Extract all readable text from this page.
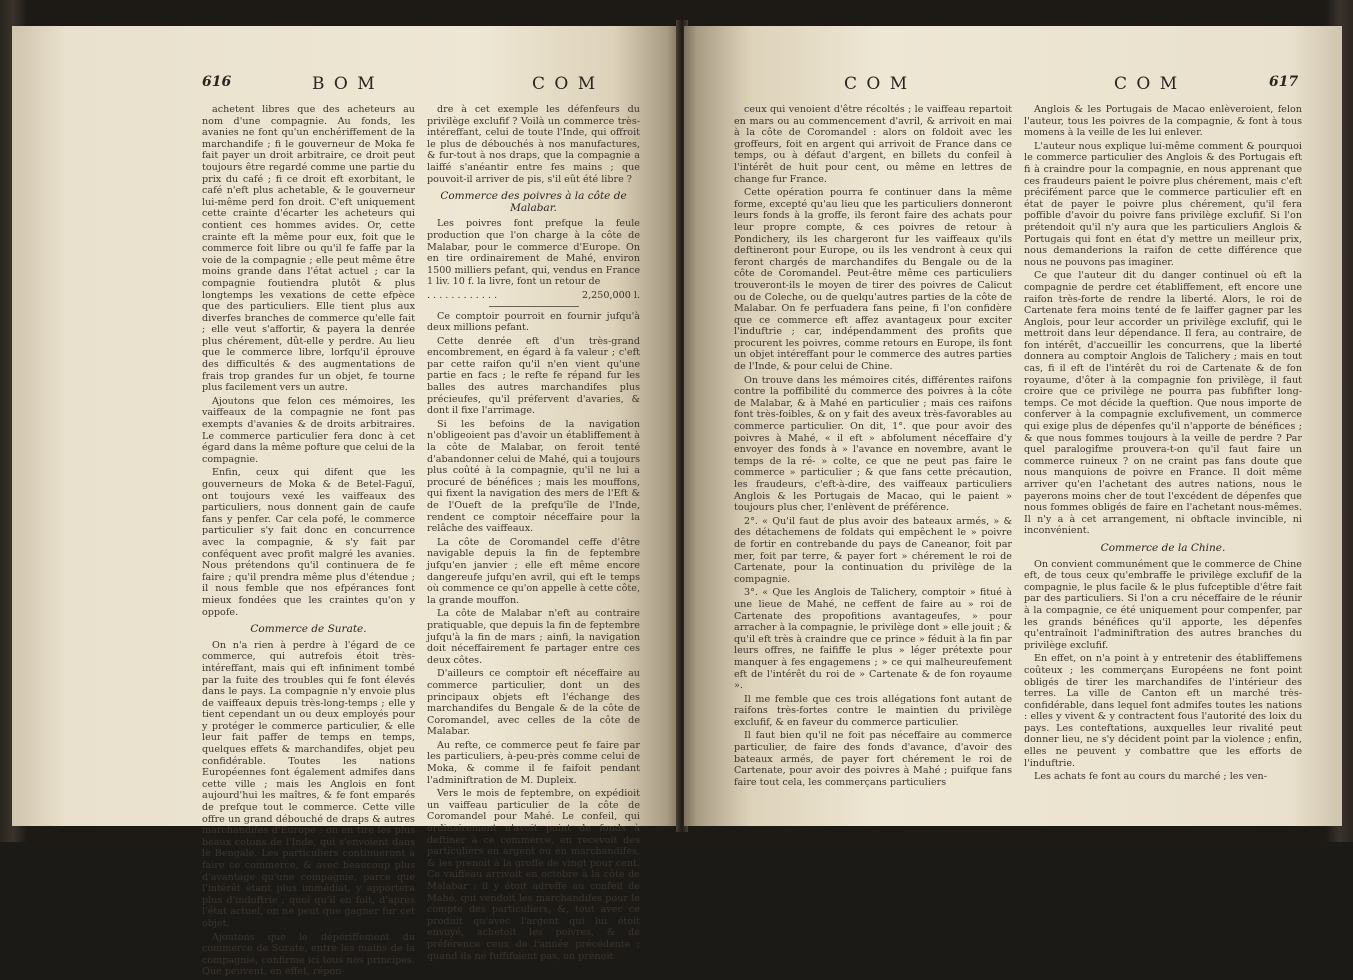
616	B O M	C O M

achetent libres que des acheteurs au nom d'une compagnie. Au fonds, les avanies ne font qu'un enchériffement de la marchandife ; fi le gouverneur de Moka fe fait payer un droit arbitraire, ce droit peut toujours être regardé comme une partie du prix du café ; fi ce droit eft exorbitant, le café n'eft plus achetable, & le gouverneur lui-même perd fon droit. C'eft uniquement cette crainte d'écarter les acheteurs qui contient ces hommes avides. Or, cette crainte eft la même pour eux, foit que le commerce foit libre ou qu'il fe faffe par la voie de la compagnie ; elle peut même être moins grande dans l'état actuel ; car la compagnie foutiendra plutôt & plus longtemps les vexations de cette efpèce que des particuliers. Elle tient plus aux diverfes branches de commerce qu'elle fait ; elle veut s'affortir, & payera la denrée plus chérement, dût-elle y perdre. Au lieu que le commerce libre, lorfqu'il éprouve des difficultés & des augmentations de frais trop grandes fur un objet, fe tourne plus facilement vers un autre.

Ajoutons que felon ces mémoires, les vaiffeaux de la compagnie ne font pas exempts d'avanies & de droits arbitraires. Le commerce particulier fera donc à cet égard dans la même pofture que celui de la compagnie.

Enfin, ceux qui difent que les gouverneurs de Moka & de Betel-Faguï, ont toujours vexé les vaiffeaux des particuliers, nous donnent gain de caufe fans y penfer. Car cela pofé, le commerce particulier s'y fait donc en concurrence avec la compagnie, & s'y fait par conféquent avec profit malgré les avanies. Nous prétendons qu'il continuera de fe faire ; qu'il prendra même plus d'étendue ; il nous femble que nos efpérances font mieux fondées que les craintes qu'on y oppofe.

Commerce de Surate.

On n'a rien à perdre à l'égard de ce commerce, qui autrefois étoit très-intéreffant, mais qui eft infiniment tombé par la fuite des troubles qui fe font élevés dans le pays. La compagnie n'y envoie plus de vaiffeaux depuis très-long-temps ; elle y tient cependant un ou deux employés pour y protéger le commerce particulier, & elle leur fait paffer de temps en temps, quelques effets & marchandifes, objet peu confidérable. Toutes les nations Européennes font également admifes dans cette ville ; mais les Anglois en font aujourd'hui les maîtres, & fe font emparés de prefque tout le commerce. Cette ville offre un grand débouché de draps & autres marchandifes d'Europe : on en tire les plus beaux cotons de l'Inde, qui s'envoient dans le Bengale. Les particuliers continueront à faire ce commerce, & avec beaucoup plus d'avantage qu'une compagnie, parce que l'intérêt étant plus immédiat, y apportera plus d'induftrie ; quoi qu'il en foit, d'après l'état actuel, on ne peut que gagner fur cet objet.

Ajoutons que le dépériffement du commerce de Surate, entre les mains de la compagnie, confirme ici tous nos principes. Que peuvent, en effet, répon-

dre à cet exemple les défenfeurs du privilège exclufif ? Voilà un commerce très-intéreffant, celui de toute l'Inde, qui offroit le plus de débouchés à nos manufactures, & fur-tout à nos draps, que la compagnie a laiffé s'anéantir entre fes mains ; que pouvoit-il arriver de pis, s'il eût été libre ?

Commerce des poivres à la côte de Malabar.

Les poivres font prefque la feule production que l'on charge à la côte de Malabar, pour le commerce d'Europe. On en tire ordinairement de Mahé, environ 1500 milliers pefant, qui, vendus en France 1 liv. 10 f. la livre, font un retour de

. . . . . . . . . . . .	2,250,000 l.

Ce comptoir pourroit en fournir jufqu'à deux millions pefant.

Cette denrée eft d'un très-grand encombrement, en égard à fa valeur ; c'eft par cette raifon qu'il n'en vient qu'une partie en facs ; le refte fe répand fur les balles des autres marchandifes plus précieufes, qu'il préfervent d'avaries, & dont il fixe l'arrimage.

Si les befoins de la navigation n'obligeoient pas d'avoir un établiffement à la côte de Malabar, on feroit tenté d'abandonner celui de Mahé, qui a toujours plus coûté à la compagnie, qu'il ne lui a procuré de bénéfices ; mais les mouffons, qui fixent la navigation des mers de l'Eft & de l'Oueft de la prefqu'île de l'Inde, rendent ce comptoir néceffaire pour la relâche des vaiffeaux.

La côte de Coromandel ceffe d'être navigable depuis la fin de feptembre jufqu'en janvier ; elle eft même encore dangereufe jufqu'en avril, qui eft le temps où commence ce qu'on appelle à cette côte, la grande mouffon.

La côte de Malabar n'eft au contraire pratiquable, que depuis la fin de feptembre jufqu'à la fin de mars ; ainfi, la navigation doit néceffairement fe partager entre ces deux côtes.

D'ailleurs ce comptoir eft néceffaire au commerce particulier, dont un des principaux objets eft l'échange des marchandifes du Bengale & de la côte de Coromandel, avec celles de la côte de Malabar.

Au refte, ce commerce peut fe faire par les particuliers, à-peu-près comme celui de Moka, & comme il fe faifoit pendant l'adminiftration de M. Dupleix.

Vers le mois de feptembre, on expédioit un vaiffeau particulier de la côte de Coromandel pour Mahé. Le confeil, qui ordinairement n'avoit point de fonds à deftiner à ce commerce, en recevoit des particuliers en argent ou en marchandifes, & les prenoit à la groffe de vingt pour cent. Ce vaiffeau arrivoit en octobre à la côte de Malabar ; il y étoit adreffé au confeil de Mahé, qui vendoit les marchandifes pour le compte des particuliers, &, tout avec ce produit qu'avec l'argent qui lui étoit envoyé, achetoit les poivres, & de préférence ceux de l'année précédente ; quand ils ne fuffifoient pas, on prenoit

C O M	C O M	617

ceux qui venoient d'être récoltés ; le vaiffeau repartoit en mars ou au commencement d'avril, & arrivoit en mai à la côte de Coromandel : alors on foldoit avec les groffeurs, foit en argent qui arrivoit de France dans ce temps, ou à défaut d'argent, en billets du confeil à l'intérêt de huit pour cent, ou même en lettres de change fur France.

Cette opération pourra fe continuer dans la même forme, excepté qu'au lieu que les particuliers donneront leurs fonds à la groffe, ils feront faire des achats pour leur propre compte, & ces poivres de retour à Pondichery, ils les chargeront fur les vaiffeaux qu'ils deftineront pour Europe, ou ils les vendront à ceux qui feront chargés de marchandifes du Bengale ou de la côte de Coromandel. Peut-être même ces particuliers trouveront-ils le moyen de tirer des poivres de Calicut ou de Coleche, ou de quelqu'autres parties de la côte de Malabar. On fe perfuadera fans peine, fi l'on confidère que ce commerce eft affez avantageux pour exciter l'induftrie ; car, indépendamment des profits que procurent les poivres, comme retours en Europe, ils font un objet intéreffant pour le commerce des autres parties de l'Inde, & pour celui de Chine.

On trouve dans les mémoires cités, différentes raifons contre la poffibilité du commerce des poivres à la côte de Malabar, & à Mahé en particulier ; mais ces raifons font très-foibles, & on y fait des aveux très-favorables au commerce particulier. On dit, 1°. que pour avoir des poivres à Mahé, « il eft » abfolument néceffaire d'y envoyer des fonds à » l'avance en novembre, avant le temps de la ré- » colte, ce que ne peut pas faire le commerce » particulier ; & que fans cette précaution, les fraudeurs, c'eft-à-dire, des vaiffeaux particuliers Anglois & les Portugais de Macao, qui le paient » toujours plus cher, l'enlèvent de préférence.

2°. « Qu'il faut de plus avoir des bateaux armés, » & des détachemens de foldats qui empêchent le » poivre de fortir en contrebande du pays de Caneanor, foit par mer, foit par terre, & payer fort » chérement le roi de Cartenate, pour la continuation du privilège de la compagnie.

3°. « Que les Anglois de Talichery, comptoir » fitué à une lieue de Mahé, ne ceffent de faire au » roi de Cartenate des propofitions avantageufes, » pour arracher à la compagnie, le privilège dont » elle jouit ; & qu'il eft très à craindre que ce prince » féduit à la fin par leurs offres, ne faififfe le plus » léger prétexte pour manquer à fes engagemens ; » ce qui malheureufement eft de l'intérêt du roi de » Cartenate & de fon royaume ».

Il me femble que ces trois allégations font autant de raifons très-fortes contre le maintien du privilège exclufif, & en faveur du commerce particulier.

Il faut bien qu'il ne foit pas néceffaire au commerce particulier, de faire des fonds d'avance, d'avoir des bateaux armés, de payer fort chérement le roi de Cartenate, pour avoir des poivres à Mahé ; puifque fans faire tout cela, les commerçans particuliers

Anglois & les Portugais de Macao enlèveroient, felon l'auteur, tous les poivres de la compagnie, & font à tous momens à la veille de les lui enlever.

L'auteur nous explique lui-même comment & pourquoi le commerce particulier des Anglois & des Portugais eft fi à craindre pour la compagnie, en nous apprenant que ces fraudeurs paient le poivre plus chérement, mais c'eft précifément parce que le commerce particulier eft en état de payer le poivre plus chérement, qu'il fera poffible d'avoir du poivre fans privilège exclufif. Si l'on prétendoit qu'il n'y aura que les particuliers Anglois & Portugais qui font en état d'y mettre un meilleur prix, nous demanderions la raifon de cette différence que nous ne pouvons pas imaginer.

Ce que l'auteur dit du danger continuel où eft la compagnie de perdre cet établiffement, eft encore une raifon très-forte de rendre la liberté. Alors, le roi de Cartenate fera moins tenté de fe laiffer gagner par les Anglois, pour leur accorder un privilège exclufif, qui le mettroit dans leur dépendance. Il fera, au contraire, de fon intérêt, d'accueillir les concurrens, que la liberté donnera au comptoir Anglois de Talichery ; mais en tout cas, fi il eft de l'intérêt du roi de Cartenate & de fon royaume, d'ôter à la compagnie fon privilège, il faut croire que ce privilège ne pourra pas fubfifter long-temps. Ce mot décide la queftion. Que nous importe de conferver à la compagnie exclufivement, un commerce qui exige plus de dépenfes qu'il n'apporte de bénéfices ; & que nous fommes toujours à la veille de perdre ? Par quel paralogifme prouvera-t-on qu'il faut faire un commerce ruineux ? on ne craint pas fans doute que nous manquions de poivre en France. Il doit même arriver qu'en l'achetant des autres nations, nous le payerons moins cher de tout l'excédent de dépenfes que nous fommes obligés de faire en l'achetant nous-mêmes. Il n'y a à cet arrangement, ni obftacle invincible, ni inconvénient.

Commerce de la Chine.

On convient communément que le commerce de Chine eft, de tous ceux qu'embraffe le privilège exclufif de la compagnie, le plus facile & le plus fufceptible d'être fait par des particuliers. Si l'on a cru néceffaire de le réunir à la compagnie, ce été uniquement pour compenfer, par les grands bénéfices qu'il apporte, les dépenfes qu'entraînoit l'adminiftration des autres branches du privilège exclufif.

En effet, on n'a point à y entretenir des établiffemens coûteux ; les commerçans Européens ne font point obligés de tirer les marchandifes de l'intérieur des terres. La ville de Canton eft un marché très-confidérable, dans lequel font admifes toutes les nations : elles y vivent & y contractent fous l'autorité des loix du pays. Les conteftations, auxquelles leur rivalité peut donner lieu, ne s'y décident point par la violence ; enfin, elles ne peuvent y combattre que les efforts de l'induftrie.

Les achats fe font au cours du marché ; les ven-
